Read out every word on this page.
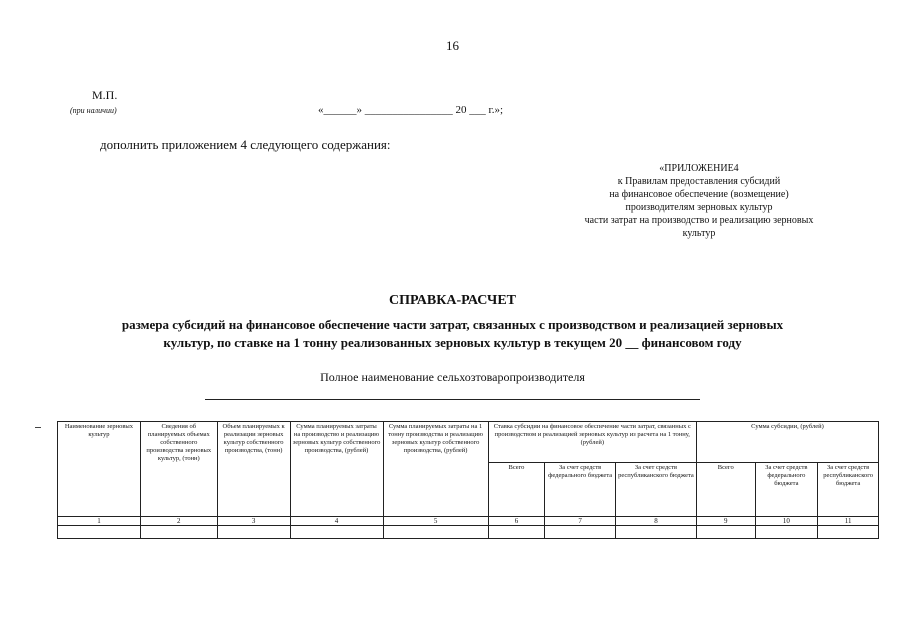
16
М.П.
(при наличии)	«______» ________________ 20 ___ г.»;
дополнить приложением 4 следующего содержания:
«ПРИЛОЖЕНИЕ4
к Правилам предоставления субсидий
на финансовое обеспечение (возмещение)
производителям зерновых культур
части затрат на производство и реализацию зерновых
культур
СПРАВКА-РАСЧЕТ
размера субсидий на финансовое обеспечение части затрат, связанных с производством и реализацией зерновых
культур, по ставке на 1 тонну реализованных зерновых культур в текущем 20 __ финансовом году
Полное наименование сельхозтоваропроизводителя
Наименование зерновых культур	Сведения об планируемых объемах собственного производства зерновых культур, (тонн)	Объем планируемых к реализации зерновых культур собственного производства, (тонн)	Сумма планируемых затраты на производство и реализацию зерновых культур собственного производства, (рублей)	Сумма планируемых затраты на 1 тонну производства и реализацию зерновых культур собственного производства, (рублей)	Ставка субсидии на финансовое обеспечение части затрат, связанных с производством и реализацией зерновых культур из расчета на 1 тонну, (рублей)			Сумма субсидии, (рублей)		
					Всего	За счет средств федерального бюджета	За счет средств республиканского бюджета	Всего	За счет средств федерального бюджета	За счет средств республиканского бюджета
1	2	3	4	5	6	7	8	9	10	11
